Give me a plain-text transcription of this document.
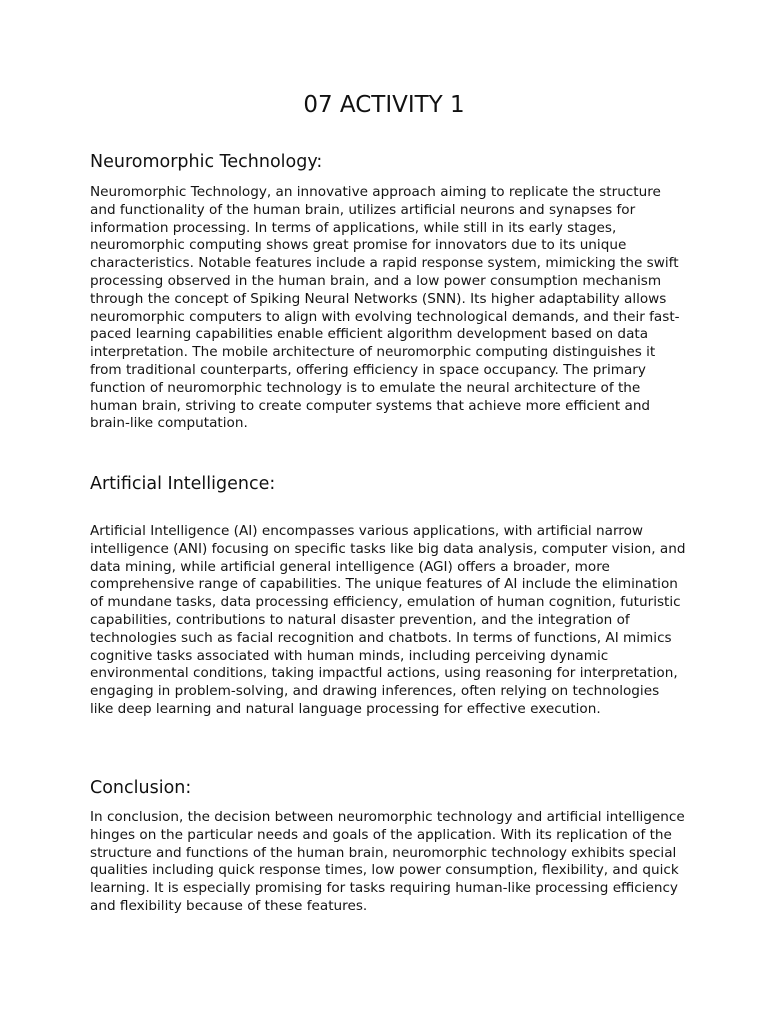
07 ACTIVITY 1
Neuromorphic Technology:

Neuromorphic Technology, an innovative approach aiming to replicate the structure and functionality of the human brain, utilizes artificial neurons and synapses for information processing. In terms of applications, while still in its early stages, neuromorphic computing shows great promise for innovators due to its unique characteristics. Notable features include a rapid response system, mimicking the swift processing observed in the human brain, and a low power consumption mechanism through the concept of Spiking Neural Networks (SNN). Its higher adaptability allows neuromorphic computers to align with evolving technological demands, and their fast-paced learning capabilities enable efficient algorithm development based on data interpretation. The mobile architecture of neuromorphic computing distinguishes it from traditional counterparts, offering efficiency in space occupancy. The primary function of neuromorphic technology is to emulate the neural architecture of the human brain, striving to create computer systems that achieve more efficient and brain-like computation.

Artificial Intelligence:

Artificial Intelligence (AI) encompasses various applications, with artificial narrow intelligence (ANI) focusing on specific tasks like big data analysis, computer vision, and data mining, while artificial general intelligence (AGI) offers a broader, more comprehensive range of capabilities. The unique features of AI include the elimination of mundane tasks, data processing efficiency, emulation of human cognition, futuristic capabilities, contributions to natural disaster prevention, and the integration of technologies such as facial recognition and chatbots. In terms of functions, AI mimics cognitive tasks associated with human minds, including perceiving dynamic environmental conditions, taking impactful actions, using reasoning for interpretation, engaging in problem-solving, and drawing inferences, often relying on technologies like deep learning and natural language processing for effective execution.

Conclusion:

In conclusion, the decision between neuromorphic technology and artificial intelligence hinges on the particular needs and goals of the application. With its replication of the structure and functions of the human brain, neuromorphic technology exhibits special qualities including quick response times, low power consumption, flexibility, and quick learning. It is especially promising for tasks requiring human-like processing efficiency and flexibility because of these features.
